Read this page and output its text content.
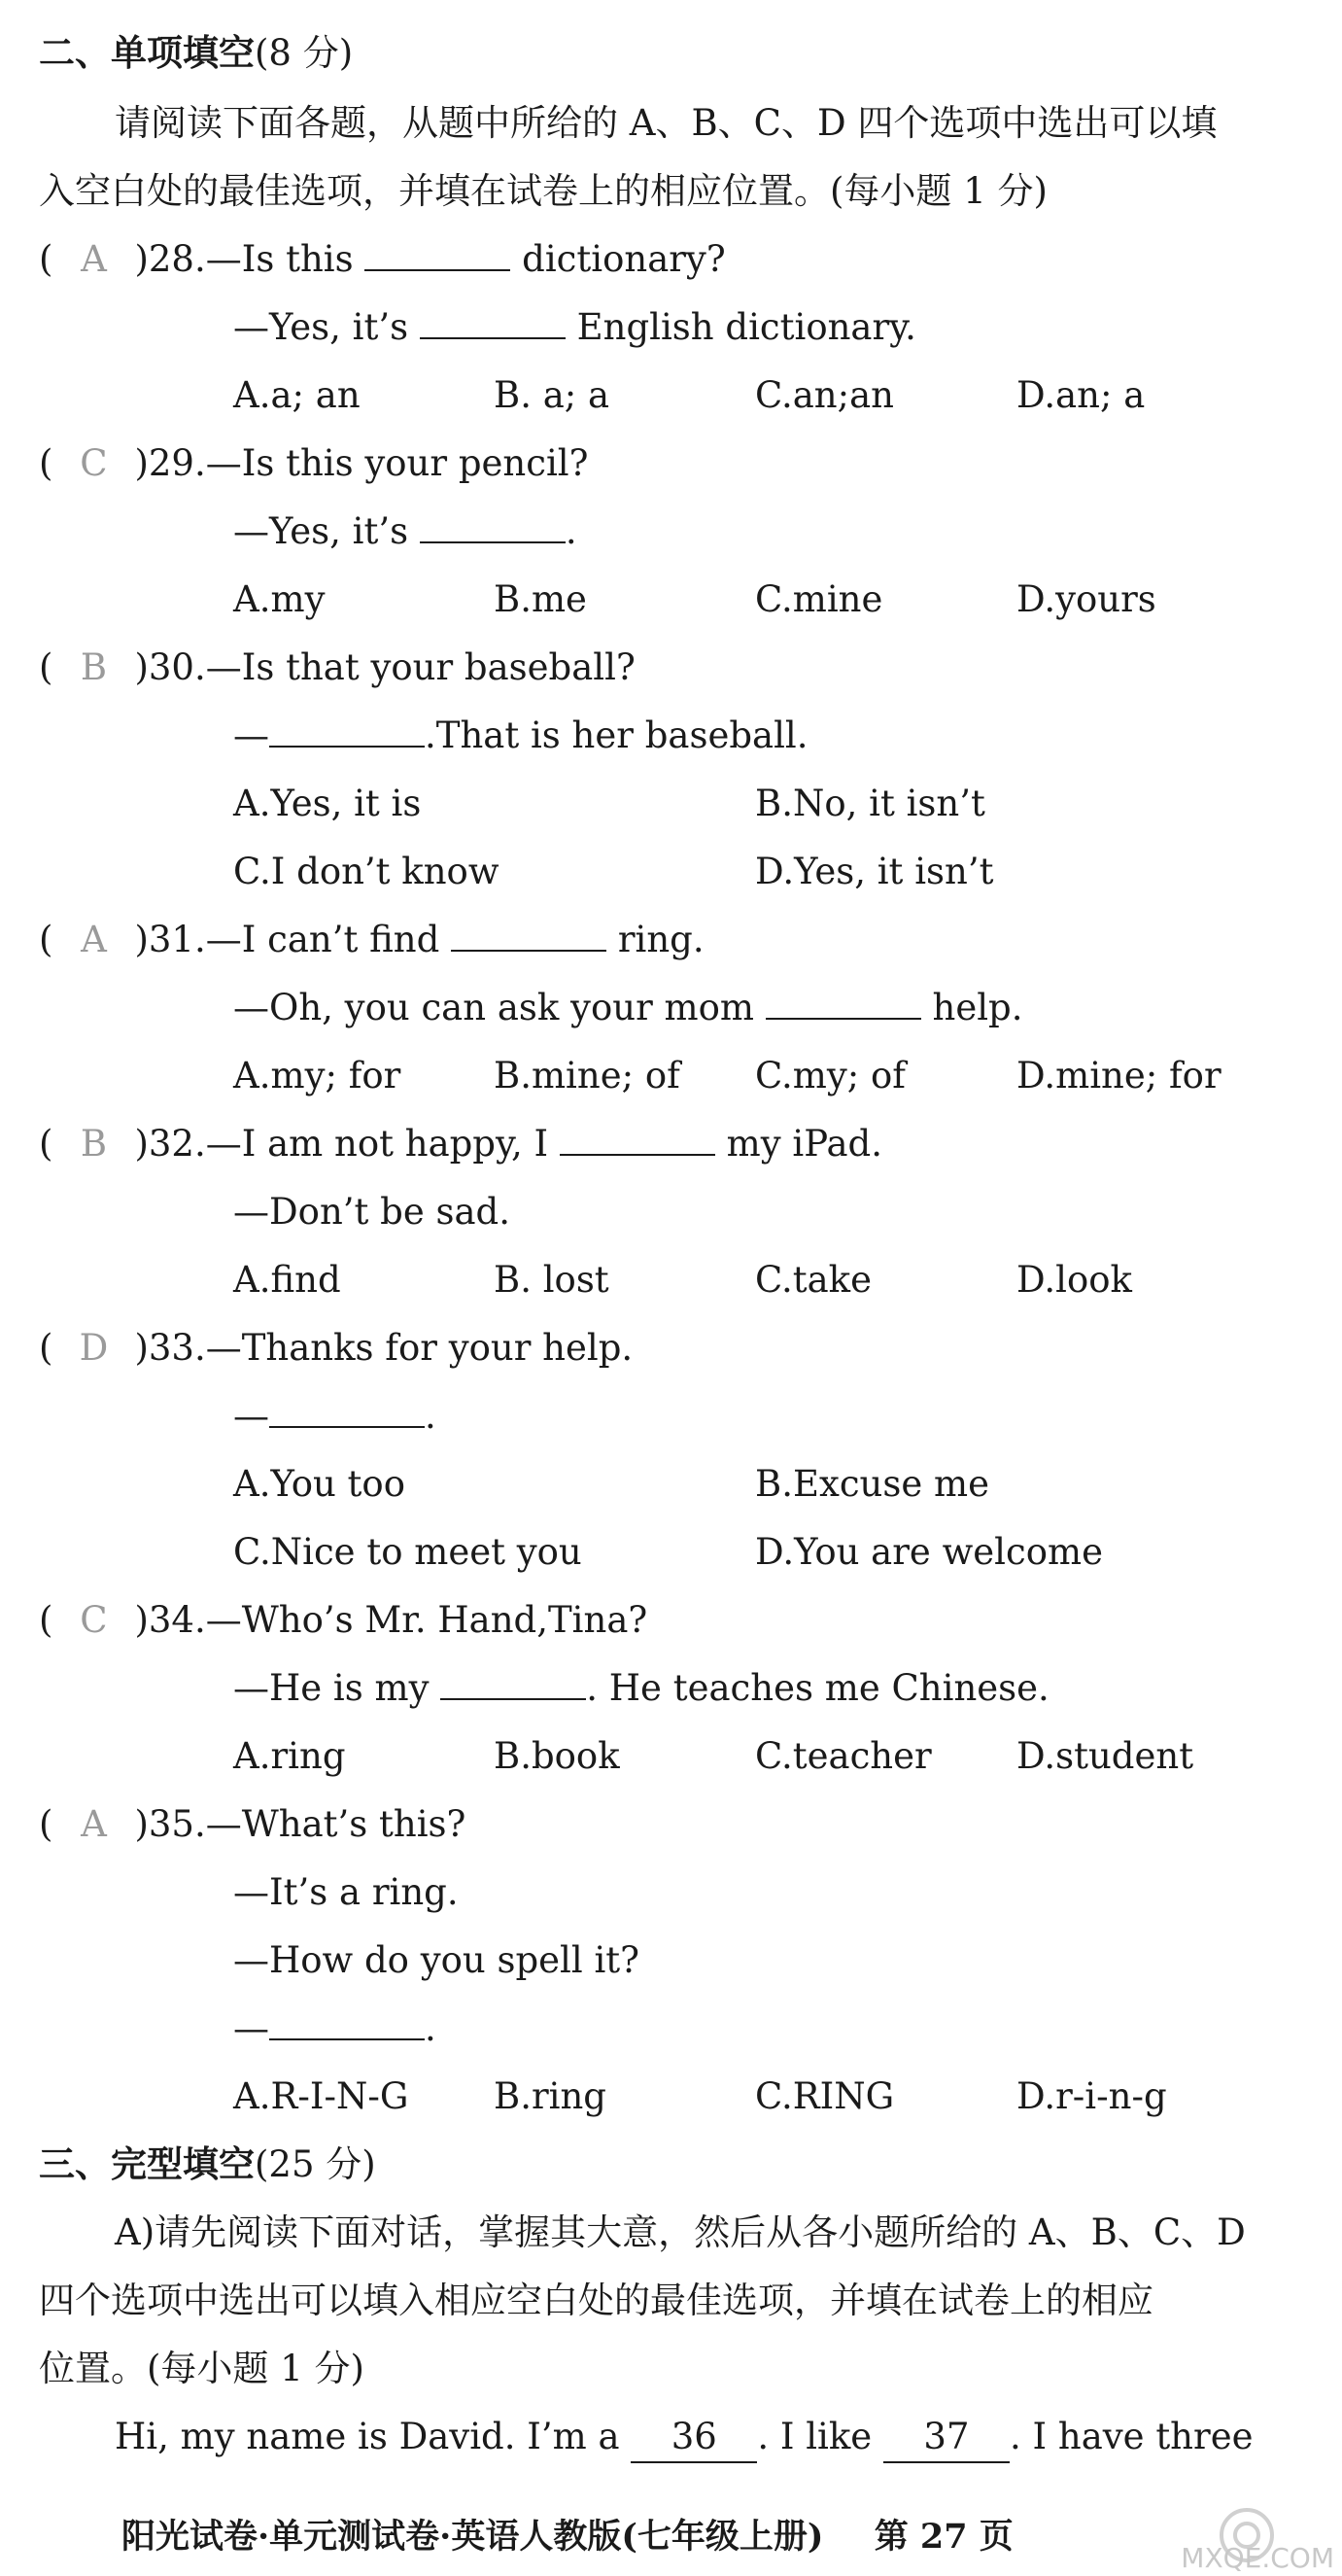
二、单项填空(8 分)
请阅读下面各题，从题中所给的 A、B、C、D 四个选项中选出可以填
入空白处的最佳选项，并填在试卷上的相应位置。(每小题 1 分)
( A )28.—Is this	dictionary?
—Yes, it’s	English dictionary.
A.a; an	B. a; a	C.an;an	D.an; a
( C )29.—Is this your pencil?
—Yes, it’s	.
A.my	B.me	C.mine	D.yours
( B )30.—Is that your baseball?
—	.That is her baseball.
A.Yes, it is	B.No, it isn’t
C.I don’t know	D.Yes, it isn’t
( A )31.—I can’t find	ring.
—Oh, you can ask your mom	help.
A.my; for	B.mine; of C.my; of	D.mine; for
( B )32.—I am not happy, I	my iPad.
—Don’t be sad.
A.find	B. lost	C.take	D.look
( D )33.—Thanks for your help.
—	.
A.You too	B.Excuse me
C.Nice to meet you	D.You are welcome
( C )34.—Who’s Mr. Hand,Tina?
—He is my	. He teaches me Chinese.
A.ring	B.book	C.teacher D.student
( A )35.—What’s this?
—It’s a ring.
—How do you spell it?
—	.
A.R-I-N-G B.ring	C.RING	D.r-i-n-g
三、完型填空(25 分)
A)请先阅读下面对话，掌握其大意，然后从各小题所给的 A、B、C、D
四个选项中选出可以填入相应空白处的最佳选项，并填在试卷上的相应
位置。(每小题 1 分)
Hi, my name is David. I’m a 36 . I like 37 . I have three
阳光试卷·单元测试卷·英语人教版(七年级上册) 第 27 页
MXQE.COM
